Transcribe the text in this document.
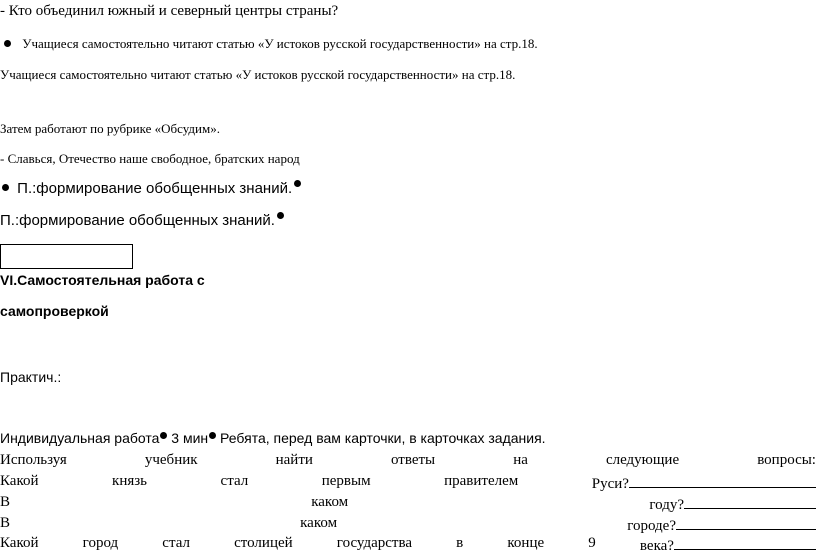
- Кто объединил южный и северный центры страны?
Учащиеся самостоятельно читают статью «У истоков русской государственности» на стр.18.
Учащиеся самостоятельно читают статью «У истоков русской государственности» на стр.18.
Затем работают по рубрике «Обсудим».
- Славься, Отечество наше свободное, братских народ
П.:формирование обобщенных знаний.
П.:формирование обобщенных знаний.
VI.Самостоятельная работа с
самопроверкой
Практич.:
Индивидуальная работа 3 мин Ребята, перед вам карточки, в карточках задания.
Используя	учебник	найти	ответы	на	следующие	вопросы:
Какой	князь	стал	первым	правителем	Руси?
В	каком	году?
В	каком	городе?
Какой	город	стал	столицей	государства	в	конце	9	века?
